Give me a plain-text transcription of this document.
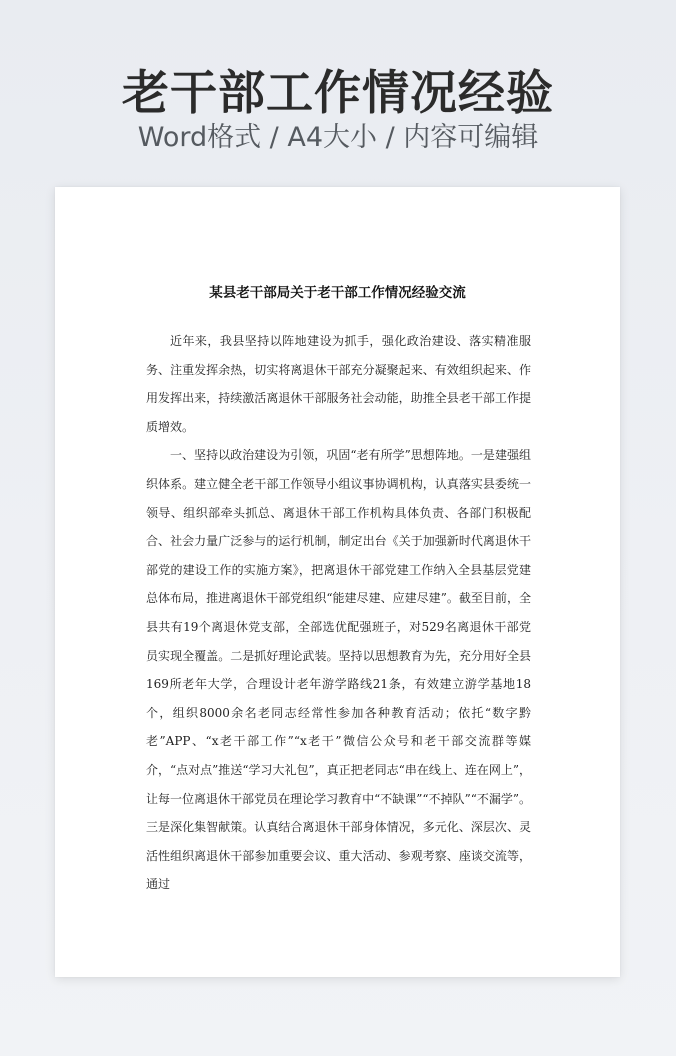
老干部工作情况经验
Word格式 / A4大小 / 内容可编辑
某县老干部局关于老干部工作情况经验交流

近年来，我县坚持以阵地建设为抓手，强化政治建设、落实精准服务、注重发挥余热，切实将离退休干部充分凝聚起来、有效组织起来、作用发挥出来，持续激活离退休干部服务社会动能，助推全县老干部工作提质增效。

一、坚持以政治建设为引领，巩固“老有所学”思想阵地。一是建强组织体系。建立健全老干部工作领导小组议事协调机构，认真落实县委统一领导、组织部牵头抓总、离退休干部工作机构具体负责、各部门积极配合、社会力量广泛参与的运行机制，制定出台《关于加强新时代离退休干部党的建设工作的实施方案》，把离退休干部党建工作纳入全县基层党建总体布局，推进离退休干部党组织“能建尽建、应建尽建”。截至目前，全县共有19个离退休党支部，全部选优配强班子，对529名离退休干部党员实现全覆盖。二是抓好理论武装。坚持以思想教育为先，充分用好全县169所老年大学，合理设计老年游学路线21条，有效建立游学基地18个，组织8000余名老同志经常性参加各种教育活动；依托“数字黔老”APP、“x老干部工作”“x老干”微信公众号和老干部交流群等媒介，“点对点”推送“学习大礼包”，真正把老同志“串在线上、连在网上”，让每一位离退休干部党员在理论学习教育中“不缺课”“不掉队”“不漏学”。三是深化集智献策。认真结合离退休干部身体情况，多元化、深层次、灵活性组织离退休干部参加重要会议、重大活动、参观考察、座谈交流等，通过
